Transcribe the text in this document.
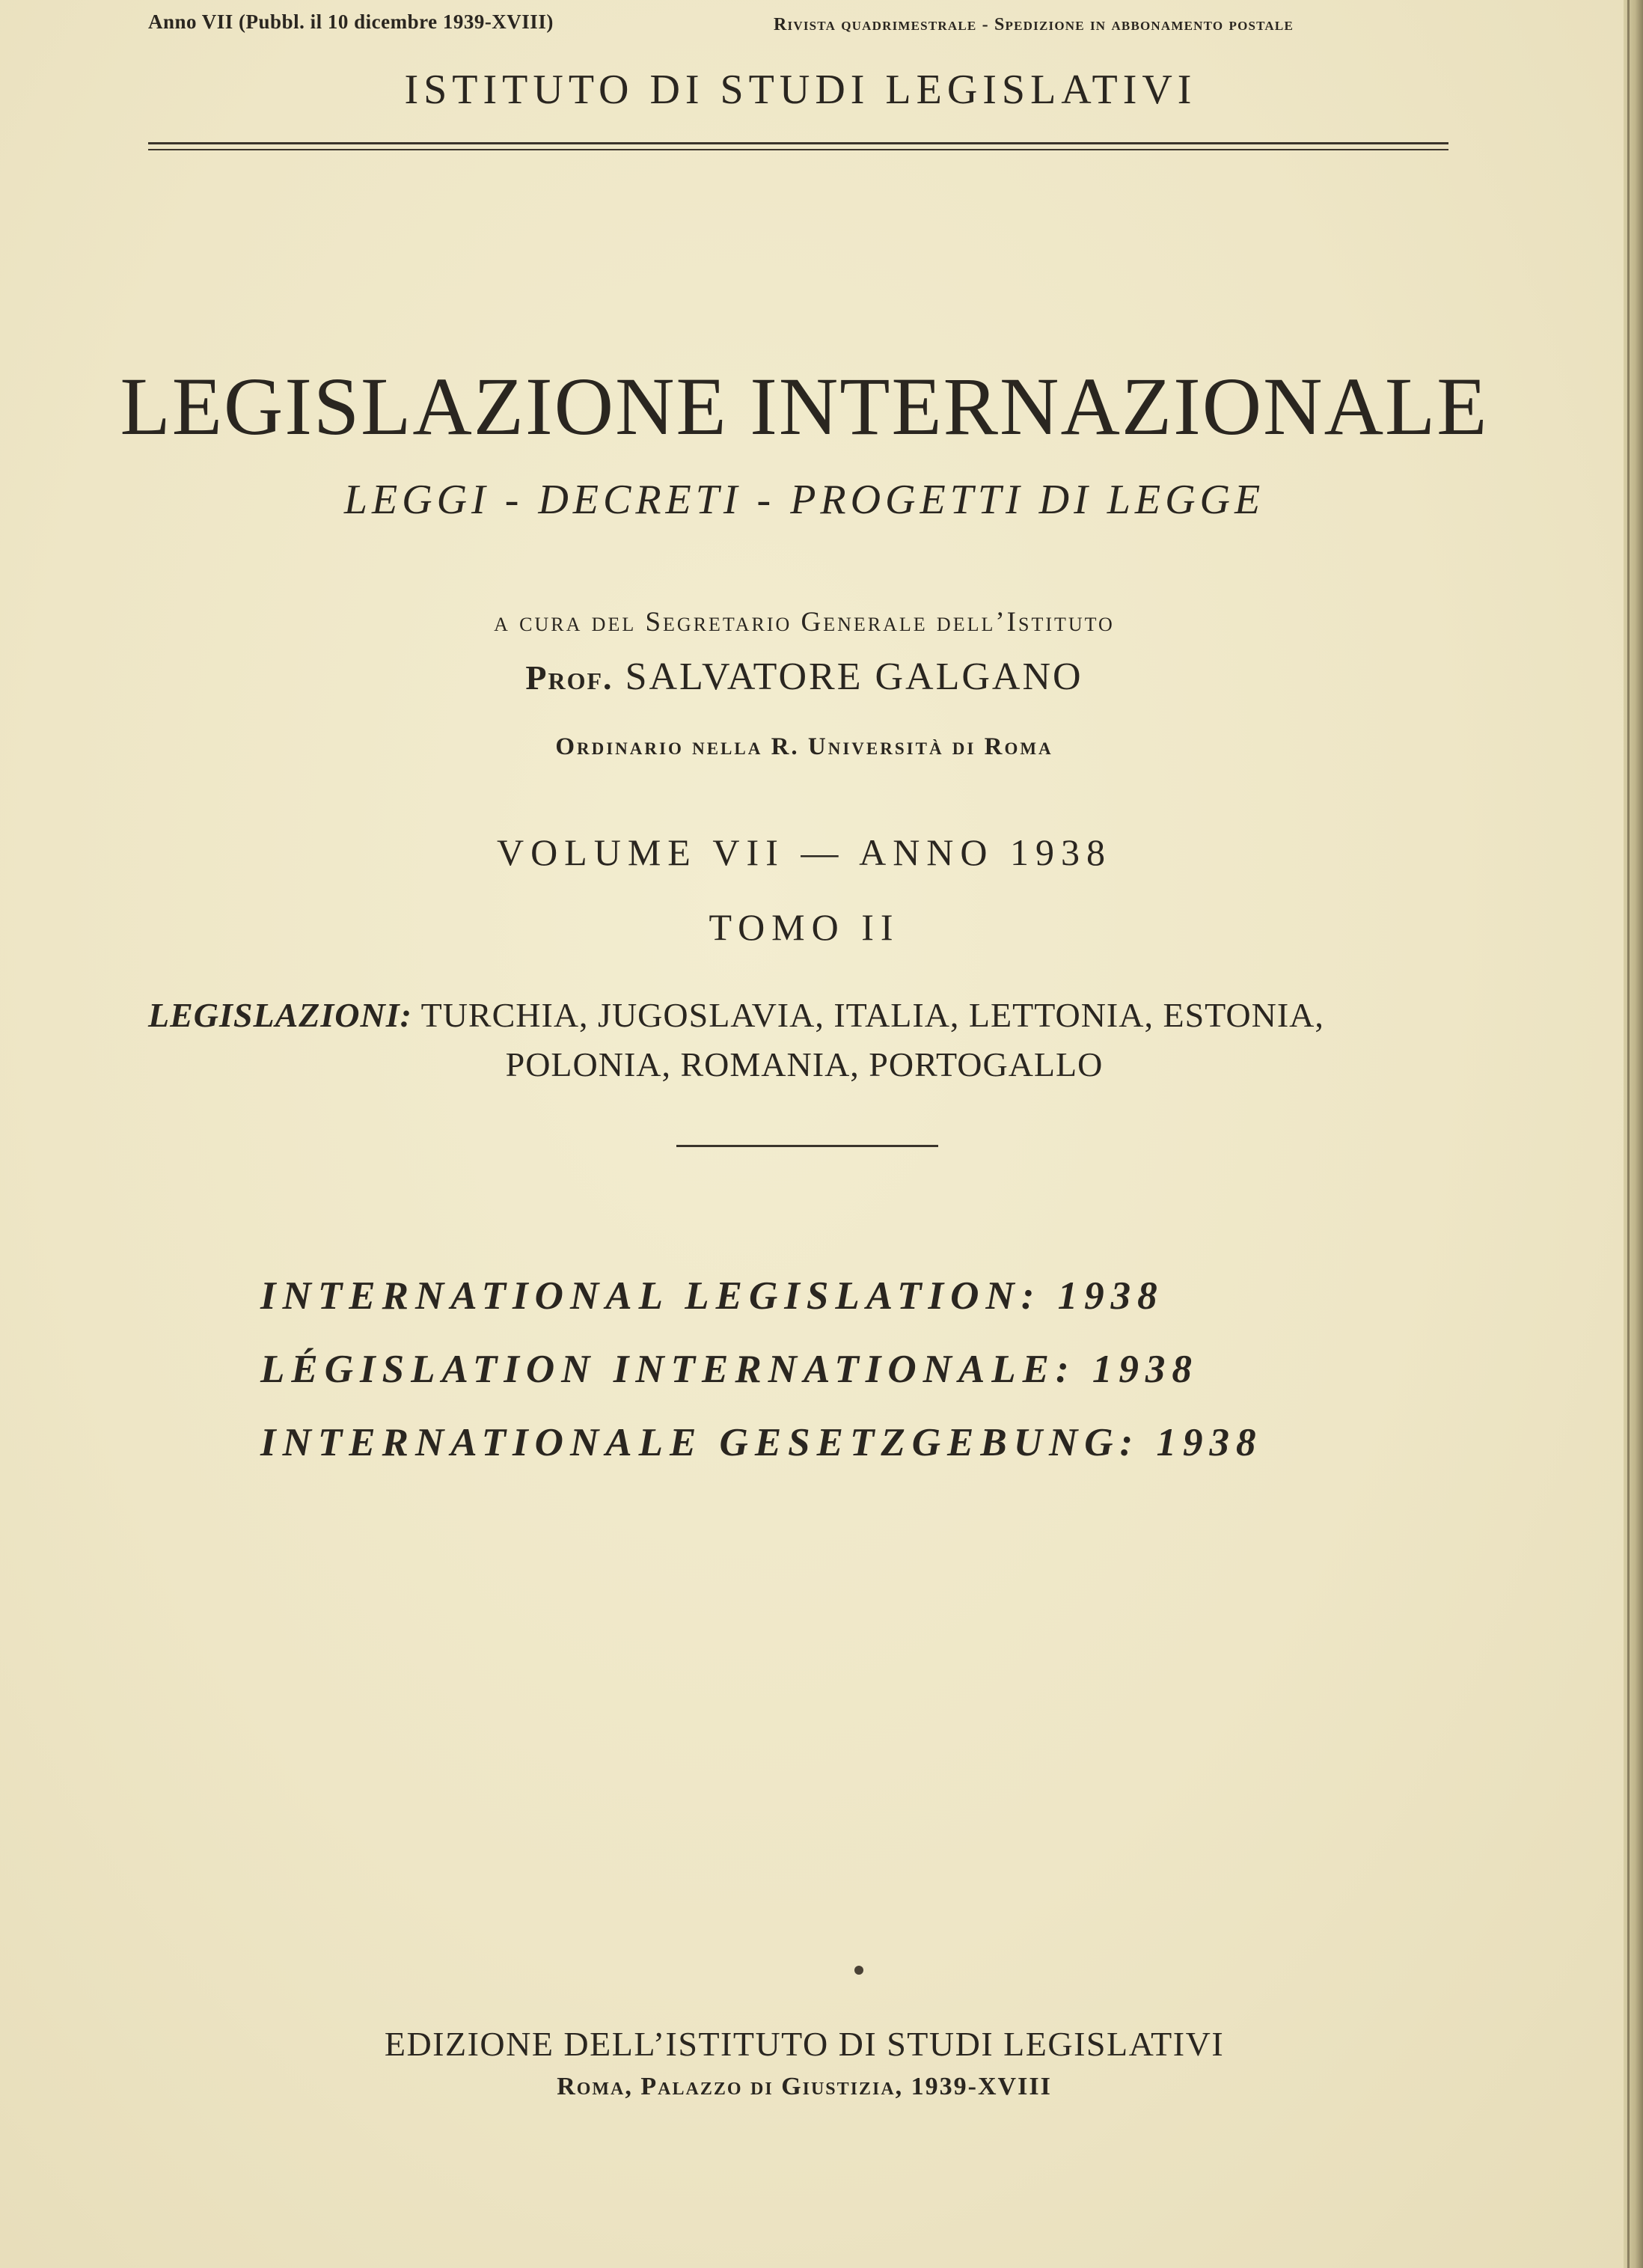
Anno VII (Pubbl. il 10 dicembre 1939-XVIII)	Rivista quadrimestrale - Spedizione in abbonamento postale
ISTITUTO DI STUDI LEGISLATIVI
LEGISLAZIONE INTERNAZIONALE
LEGGI - DECRETI - PROGETTI DI LEGGE
a cura del Segretario Generale dell’Istituto
Prof. SALVATORE GALGANO
Ordinario nella R. Università di Roma
VOLUME VII — ANNO 1938
TOMO II
LEGISLAZIONI: TURCHIA, JUGOSLAVIA, ITALIA, LETTONIA, ESTONIA,
POLONIA, ROMANIA, PORTOGALLO
INTERNATIONAL LEGISLATION: 1938
LÉGISLATION INTERNATIONALE: 1938
INTERNATIONALE GESETZGEBUNG: 1938
EDIZIONE DELL’ISTITUTO DI STUDI LEGISLATIVI
Roma, Palazzo di Giustizia, 1939-XVIII
